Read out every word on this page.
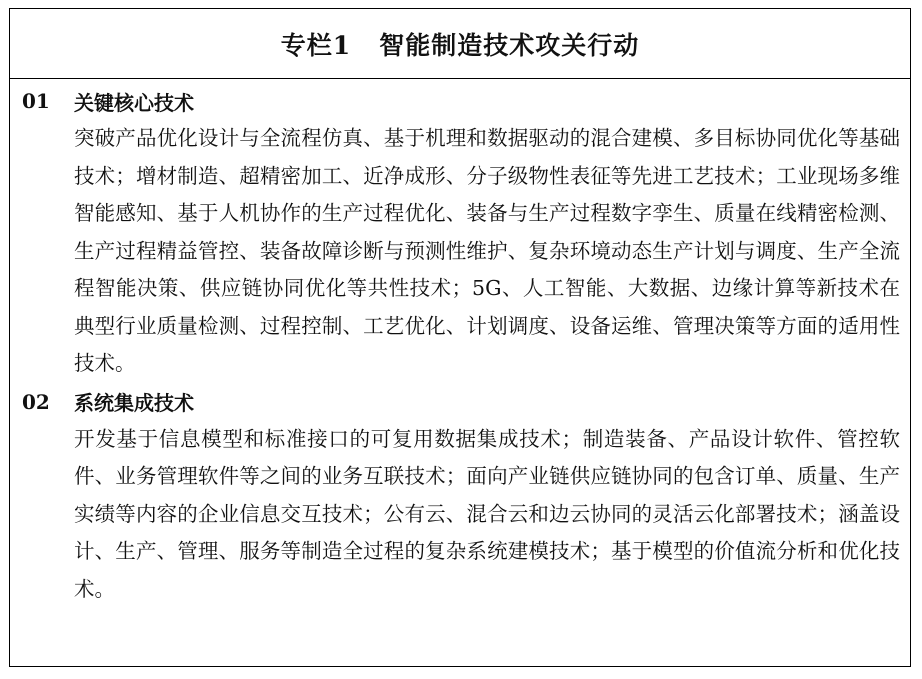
专栏1 智能制造技术攻关行动
01	关键核心技术
突破产品优化设计与全流程仿真、基于机理和数据驱动的混合建模、多目标协同优化等基础技术；增材制造、超精密加工、近净成形、分子级物性表征等先进工艺技术；工业现场多维智能感知、基于人机协作的生产过程优化、装备与生产过程数字孪生、质量在线精密检测、生产过程精益管控、装备故障诊断与预测性维护、复杂环境动态生产计划与调度、生产全流程智能决策、供应链协同优化等共性技术；5G、人工智能、大数据、边缘计算等新技术在典型行业质量检测、过程控制、工艺优化、计划调度、设备运维、管理决策等方面的适用性技术。
02	系统集成技术
开发基于信息模型和标准接口的可复用数据集成技术；制造装备、产品设计软件、管控软件、业务管理软件等之间的业务互联技术；面向产业链供应链协同的包含订单、质量、生产实绩等内容的企业信息交互技术；公有云、混合云和边云协同的灵活云化部署技术；涵盖设计、生产、管理、服务等制造全过程的复杂系统建模技术；基于模型的价值流分析和优化技术。
